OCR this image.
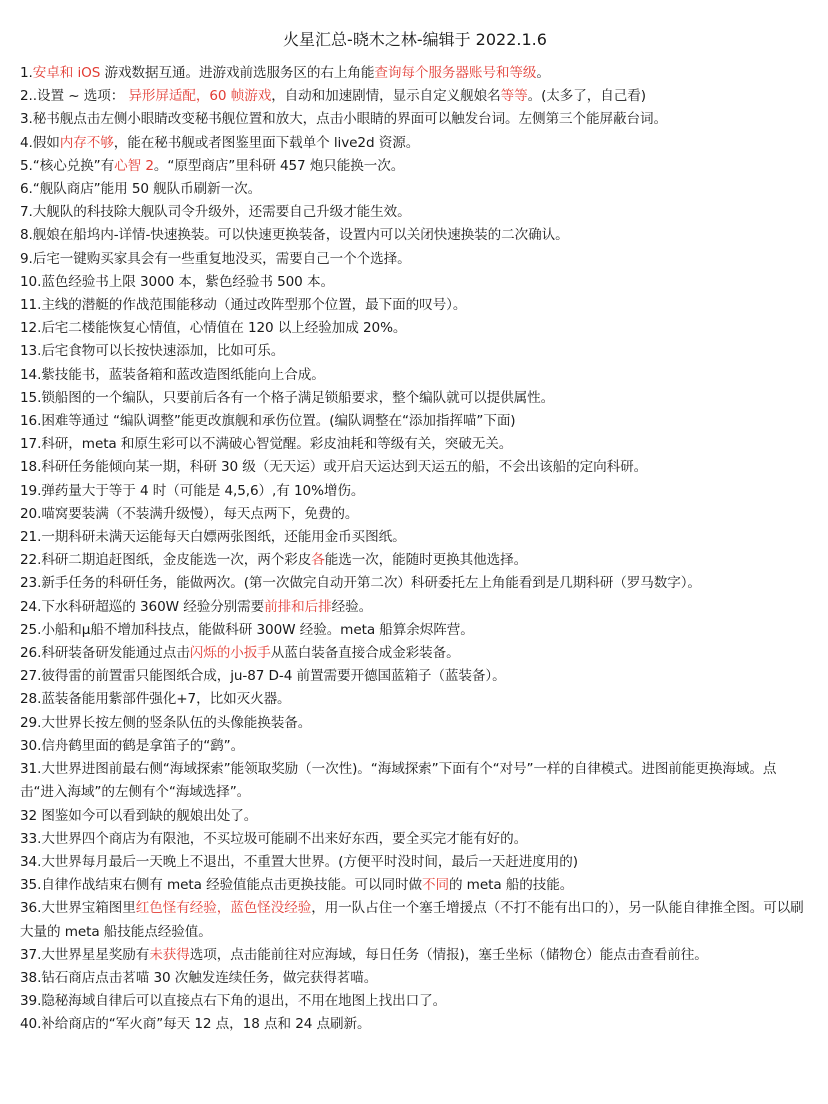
火星汇总-晓木之林-编辑于 2022.1.6
1.安卓和 iOS 游戏数据互通。进游戏前选服务区的右上角能查询每个服务器账号和等级。
2..设置 ~ 选项： 异形屏适配，60 帧游戏，自动和加速剧情，显示自定义舰娘名等等。(太多了，自己看)
3.秘书舰点击左侧小眼睛改变秘书舰位置和放大，点击小眼睛的界面可以触发台词。左侧第三个能屏蔽台词。
4.假如内存不够，能在秘书舰或者图鉴里面下载单个 live2d 资源。
5.“核心兑换”有心智 2。“原型商店”里科研 457 炮只能换一次。
6.“舰队商店”能用 50 舰队币刷新一次。
7.大舰队的科技除大舰队司令升级外，还需要自己升级才能生效。
8.舰娘在船坞内-详情-快速换装。可以快速更换装备，设置内可以关闭快速换装的二次确认。
9.后宅一键购买家具会有一些重复地没买，需要自己一个个选择。
10.蓝色经验书上限 3000 本，紫色经验书 500 本。
11.主线的潜艇的作战范围能移动（通过改阵型那个位置，最下面的叹号）。
12.后宅二楼能恢复心情值，心情值在 120 以上经验加成 20%。
13.后宅食物可以长按快速添加，比如可乐。
14.紫技能书，蓝装备箱和蓝改造图纸能向上合成。
15.锁船图的一个编队，只要前后各有一个格子满足锁船要求，整个编队就可以提供属性。
16.困难等通过 “编队调整”能更改旗舰和承伤位置。(编队调整在“添加指挥喵”下面)
17.科研，meta 和原生彩可以不满破心智觉醒。彩皮油耗和等级有关，突破无关。
18.科研任务能倾向某一期，科研 30 级（无天运）或开启天运达到天运五的船，不会出该船的定向科研。
19.弹药量大于等于 4 时（可能是 4,5,6）,有 10%增伤。
20.喵窝要装满（不装满升级慢），每天点两下，免费的。
21.一期科研未满天运能每天白嫖两张图纸，还能用金币买图纸。
22.科研二期追赶图纸，金皮能选一次，两个彩皮各能选一次，能随时更换其他选择。
23.新手任务的科研任务，能做两次。(第一次做完自动开第二次）科研委托左上角能看到是几期科研（罗马数字）。
24.下水科研超巡的 360W 经验分别需要前排和后排经验。
25.小船和µ船不增加科技点，能做科研 300W 经验。meta 船算余烬阵营。
26.科研装备研发能通过点击闪烁的小扳手从蓝白装备直接合成金彩装备。
27.彼得雷的前置雷只能图纸合成，ju-87 D-4 前置需要开德国蓝箱子（蓝装备）。
28.蓝装备能用紫部件强化+7，比如灭火器。
29.大世界长按左侧的竖条队伍的头像能换装备。
30.信舟鹤里面的鹤是拿笛子的“鹞”。
31.大世界进图前最右侧“海域探索”能领取奖励（一次性)。“海域探索”下面有个“对号”一样的自律模式。进图前能更换海域。点击“进入海域”的左侧有个“海域选择”。
32 图鉴如今可以看到缺的舰娘出处了。
33.大世界四个商店为有限池，不买垃圾可能刷不出来好东西，要全买完才能有好的。
34.大世界每月最后一天晚上不退出，不重置大世界。(方便平时没时间，最后一天赶进度用的)
35.自律作战结束右侧有 meta 经验值能点击更换技能。可以同时做不同的 meta 船的技能。
36.大世界宝箱图里红色怪有经验，蓝色怪没经验，用一队占住一个塞壬增援点（不打不能有出口的），另一队能自律推全图。可以刷大量的 meta 船技能点经验值。
37.大世界星星奖励有未获得选项，点击能前往对应海域，每日任务（情报)，塞壬坐标（储物仓）能点击查看前往。
38.钻石商店点击茗喵 30 次触发连续任务，做完获得茗喵。
39.隐秘海域自律后可以直接点右下角的退出，不用在地图上找出口了。
40.补给商店的“军火商”每天 12 点，18 点和 24 点刷新。
